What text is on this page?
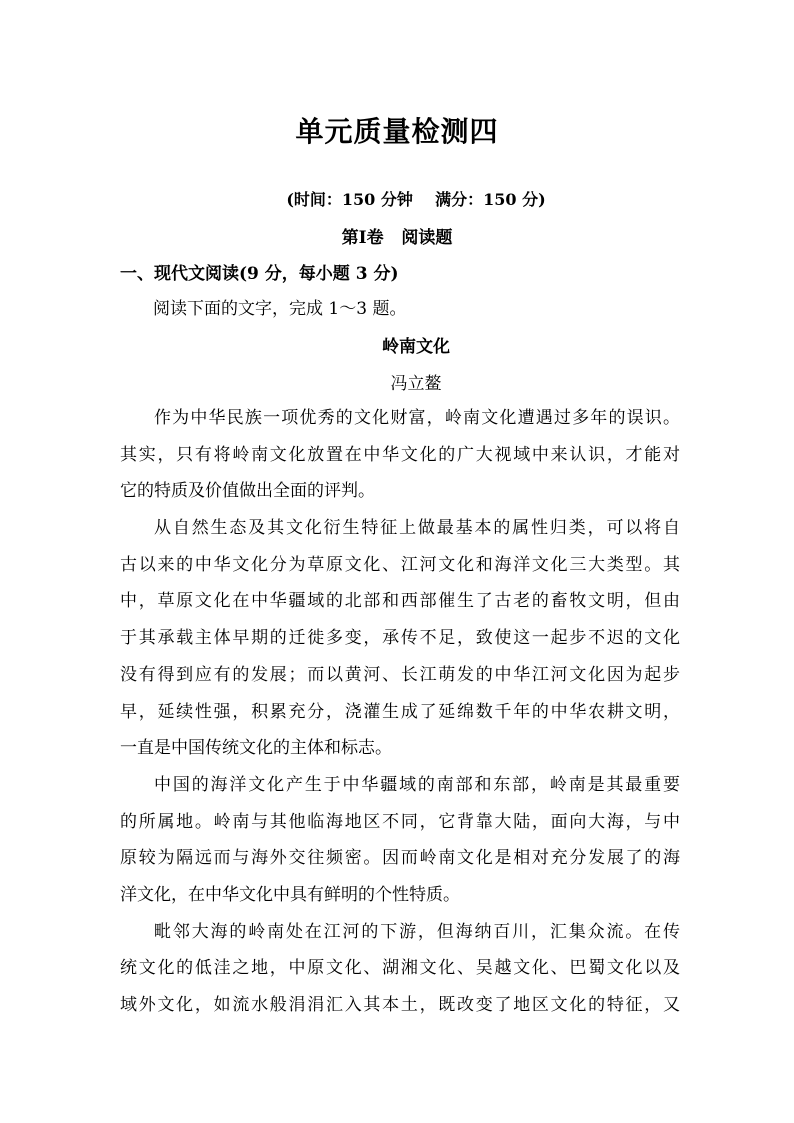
单元质量检测四
(时间：150 分钟    满分：150 分)
第Ⅰ卷   阅读题
一、现代文阅读(9 分，每小题 3 分)
阅读下面的文字，完成 1～3 题。
岭南文化
冯立鳌
作为中华民族一项优秀的文化财富，岭南文化遭遇过多年的误识。
其实，只有将岭南文化放置在中华文化的广大视域中来认识，才能对
它的特质及价值做出全面的评判。
从自然生态及其文化衍生特征上做最基本的属性归类，可以将自
古以来的中华文化分为草原文化、江河文化和海洋文化三大类型。其
中，草原文化在中华疆域的北部和西部催生了古老的畜牧文明，但由
于其承载主体早期的迁徙多变，承传不足，致使这一起步不迟的文化
没有得到应有的发展；而以黄河、长江萌发的中华江河文化因为起步
早，延续性强，积累充分，浇灌生成了延绵数千年的中华农耕文明，
一直是中国传统文化的主体和标志。
中国的海洋文化产生于中华疆域的南部和东部，岭南是其最重要
的所属地。岭南与其他临海地区不同，它背靠大陆，面向大海，与中
原较为隔远而与海外交往频密。因而岭南文化是相对充分发展了的海
洋文化，在中华文化中具有鲜明的个性特质。
毗邻大海的岭南处在江河的下游，但海纳百川，汇集众流。在传
统文化的低洼之地，中原文化、湖湘文化、吴越文化、巴蜀文化以及
域外文化，如流水般涓涓汇入其本土，既改变了地区文化的特征，又
